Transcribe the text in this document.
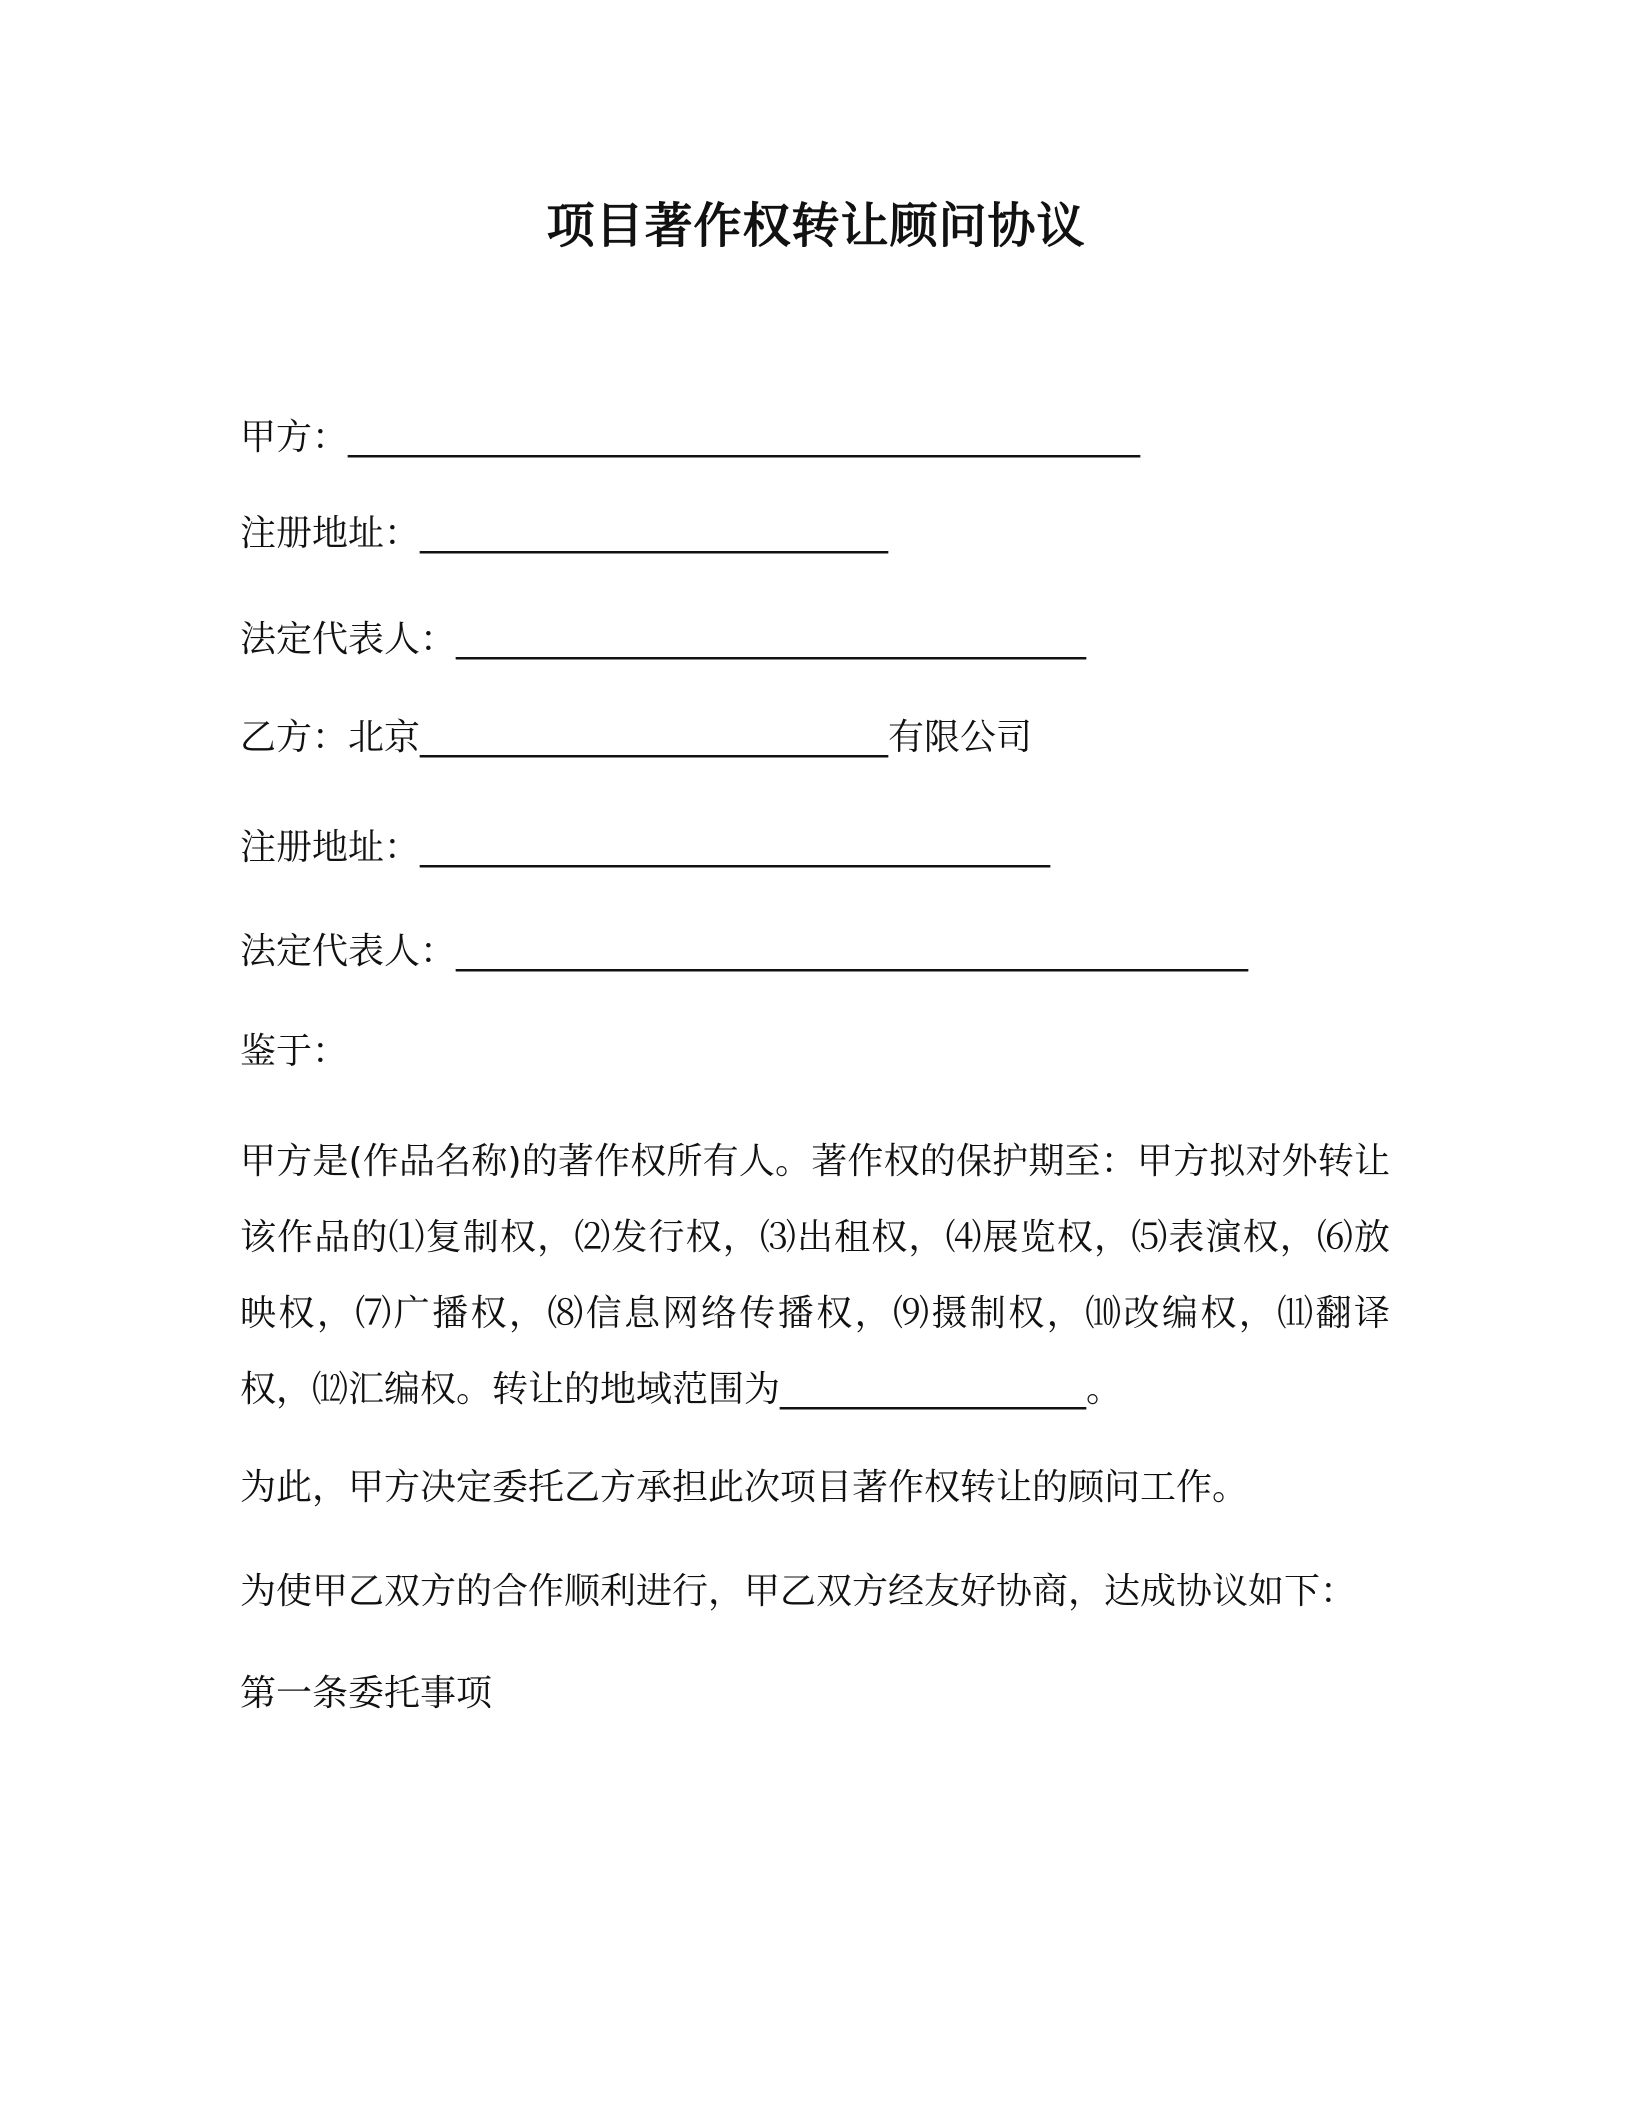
项目著作权转让顾问协议
甲方：____________________________________________
注册地址：__________________________
法定代表人：___________________________________
乙方：北京__________________________有限公司
注册地址：___________________________________
法定代表人：____________________________________________
鉴于：
甲方是(作品名称)的著作权所有人。著作权的保护期至：甲方拟对外转让该作品的⑴复制权，⑵发行权，⑶出租权，⑷展览权，⑸表演权，⑹放映权，⑺广播权，⑻信息网络传播权，⑼摄制权，⑽改编权，⑾翻译权，⑿汇编权。转让的地域范围为_________________。
为此，甲方决定委托乙方承担此次项目著作权转让的顾问工作。
为使甲乙双方的合作顺利进行，甲乙双方经友好协商，达成协议如下：
第一条委托事项
